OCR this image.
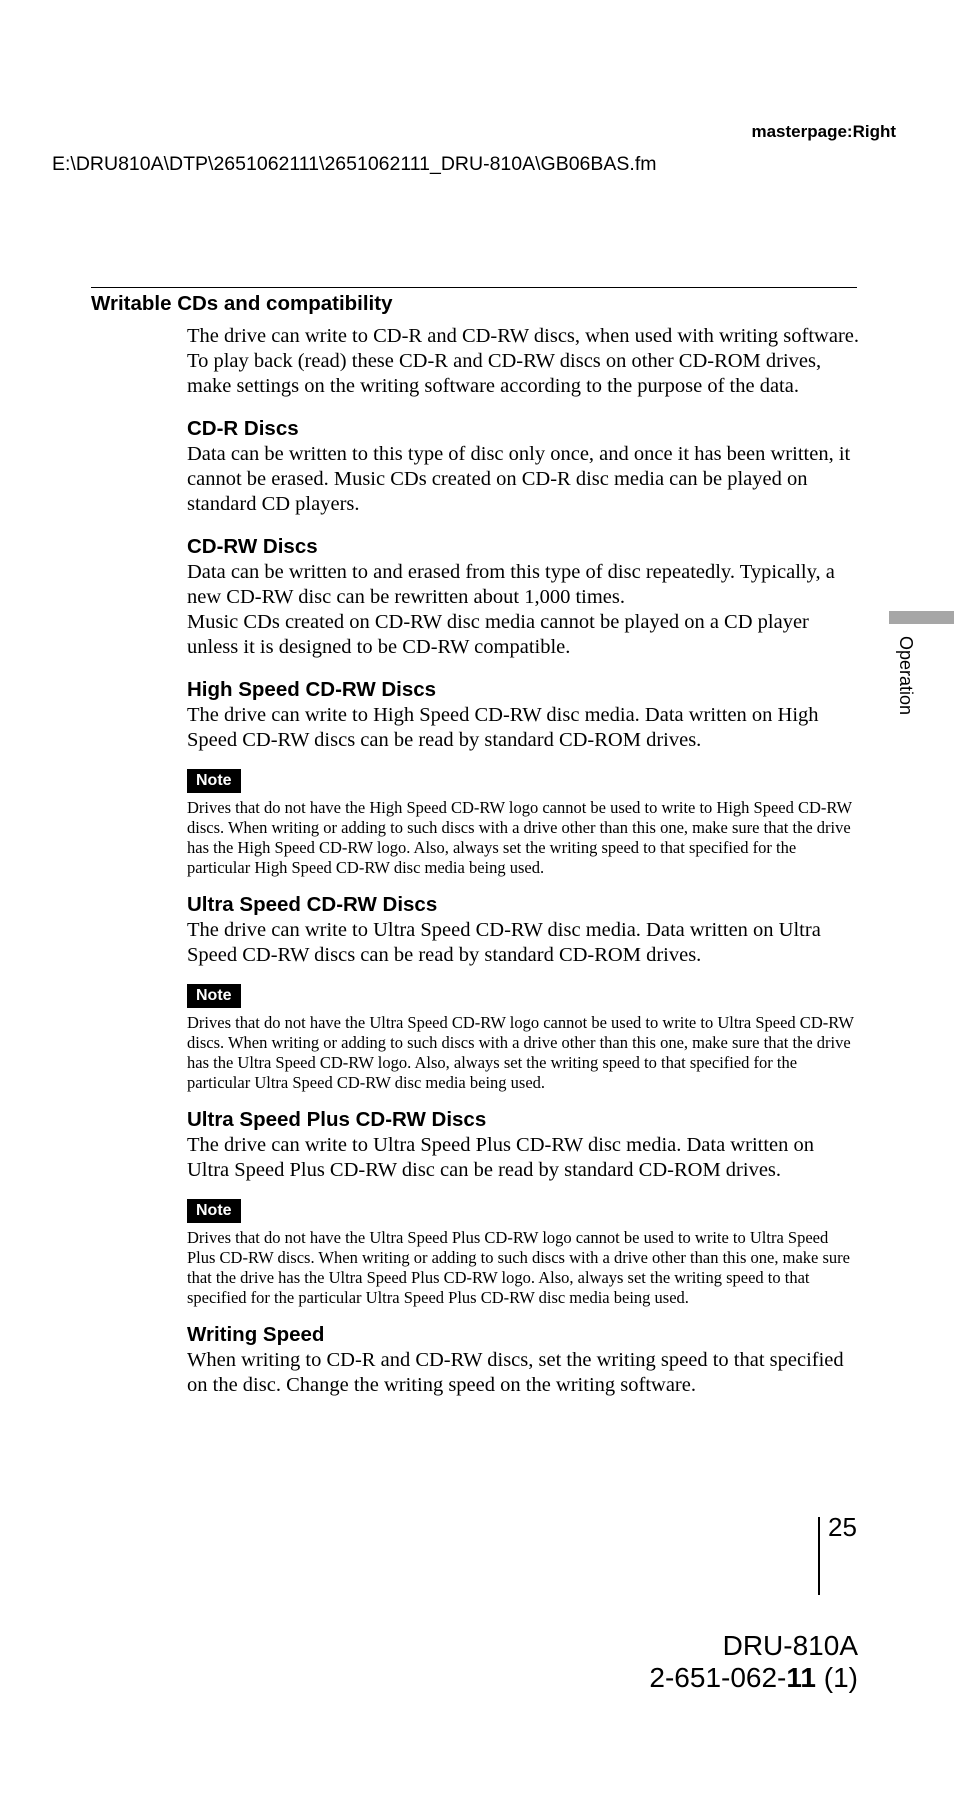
masterpage:Right
E:\DRU810A\DTP\2651062111\2651062111_DRU-810A\GB06BAS.fm
Writable CDs and compatibility

The drive can write to CD-R and CD-RW discs, when used with writing software.

To play back (read) these CD-R and CD-RW discs on other CD-ROM drives, make settings on the writing software according to the purpose of the data.

CD-R Discs

Data can be written to this type of disc only once, and once it has been written, it cannot be erased. Music CDs created on CD-R disc media can be played on standard CD players.

CD-RW Discs

Data can be written to and erased from this type of disc repeatedly. Typically, a new CD-RW disc can be rewritten about 1,000 times.

Music CDs created on CD-RW disc media cannot be played on a CD player unless it is designed to be CD-RW compatible.

High Speed CD-RW Discs

The drive can write to High Speed CD-RW disc media. Data written on High Speed CD-RW discs can be read by standard CD-ROM drives.

Note

Drives that do not have the High Speed CD-RW logo cannot be used to write to High Speed CD-RW discs. When writing or adding to such discs with a drive other than this one, make sure that the drive has the High Speed CD-RW logo. Also, always set the writing speed to that specified for the particular High Speed CD-RW disc media being used.

Ultra Speed CD-RW Discs

The drive can write to Ultra Speed CD-RW disc media. Data written on Ultra Speed CD-RW discs can be read by standard CD-ROM drives.

Note

Drives that do not have the Ultra Speed CD-RW logo cannot be used to write to Ultra Speed CD-RW discs. When writing or adding to such discs with a drive other than this one, make sure that the drive has the Ultra Speed CD-RW logo. Also, always set the writing speed to that specified for the particular Ultra Speed CD-RW disc media being used.

Ultra Speed Plus CD-RW Discs

The drive can write to Ultra Speed Plus CD-RW disc media. Data written on Ultra Speed Plus CD-RW disc can be read by standard CD-ROM drives.

Note

Drives that do not have the Ultra Speed Plus CD-RW logo cannot be used to write to Ultra Speed Plus CD-RW discs. When writing or adding to such discs with a drive other than this one, make sure that the drive has the Ultra Speed Plus CD-RW logo. Also, always set the writing speed to that specified for the particular Ultra Speed Plus CD-RW disc media being used.

Writing Speed

When writing to CD-R and CD-RW discs, set the writing speed to that specified on the disc. Change the writing speed on the writing software.

Operation
25
DRU-810A
2-651-062-11 (1)
